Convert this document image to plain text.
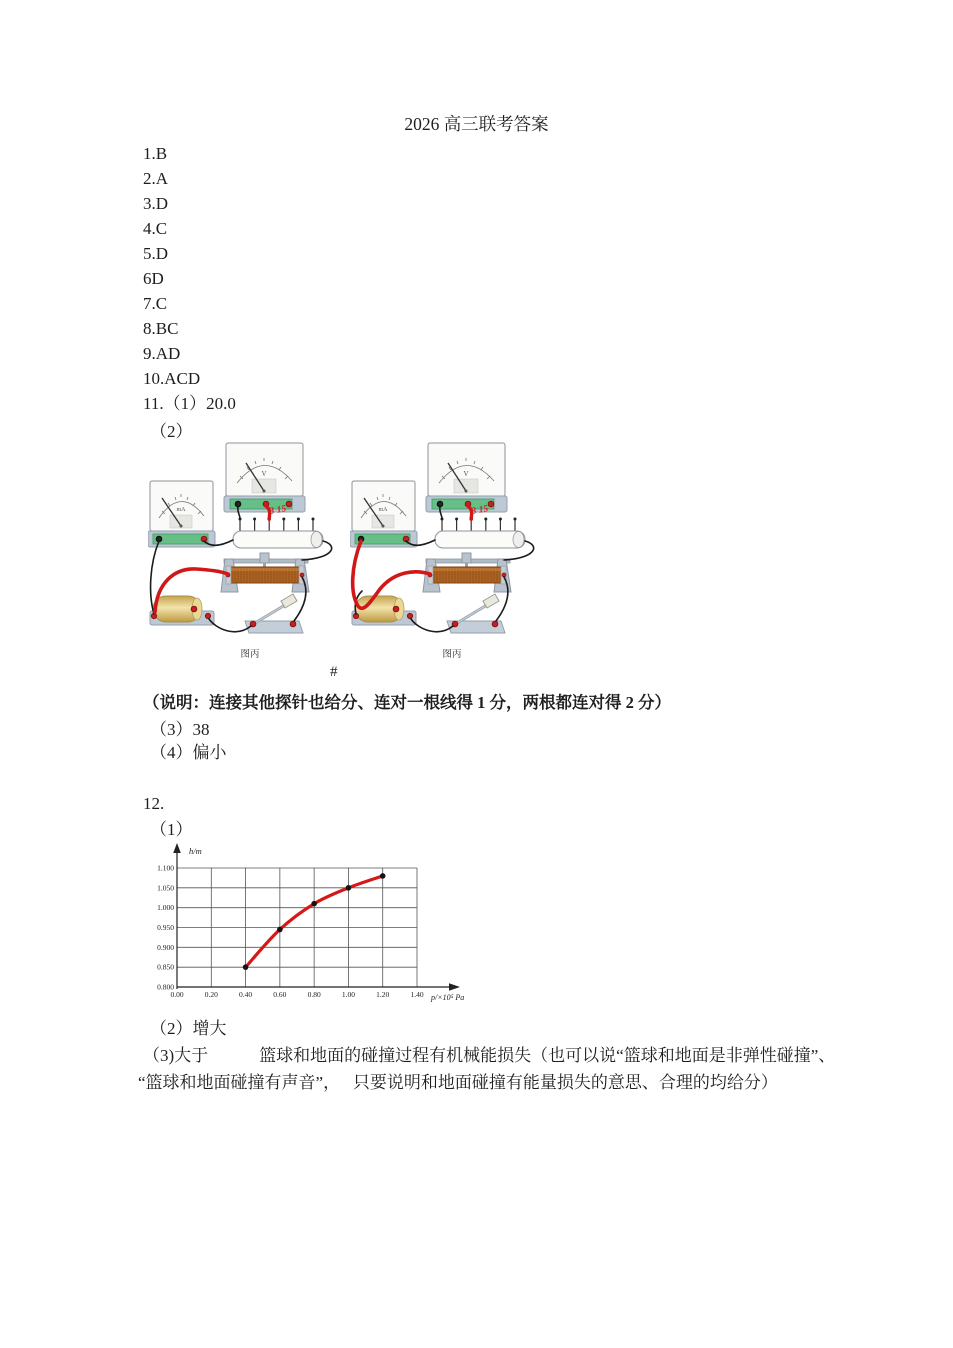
2026 高三联考答案
1.B
2.A
3.D
4.C
5.D
6D
7.C
8.BC
9.AD
10.ACD
11.（1）20.0
（2）
图丙	图丙
#
（说明：连接其他探针也给分、连对一根线得 1 分，两根都连对得 2 分）
（3）38
（4）偏小
12.
（1）
h/m
p/×10⁵ Pa
0.00	0.20	0.40	0.60	0.80	1.00	1.20	1.40
0.800
0.850
0.900
0.950
1.000
1.050
1.100
（2）增大
（3)大于　　　篮球和地面的碰撞过程有机械能损失（也可以说“篮球和地面是非弹性碰撞”、
“篮球和地面碰撞有声音”，　 只要说明和地面碰撞有能量损失的意思、合理的均给分）
